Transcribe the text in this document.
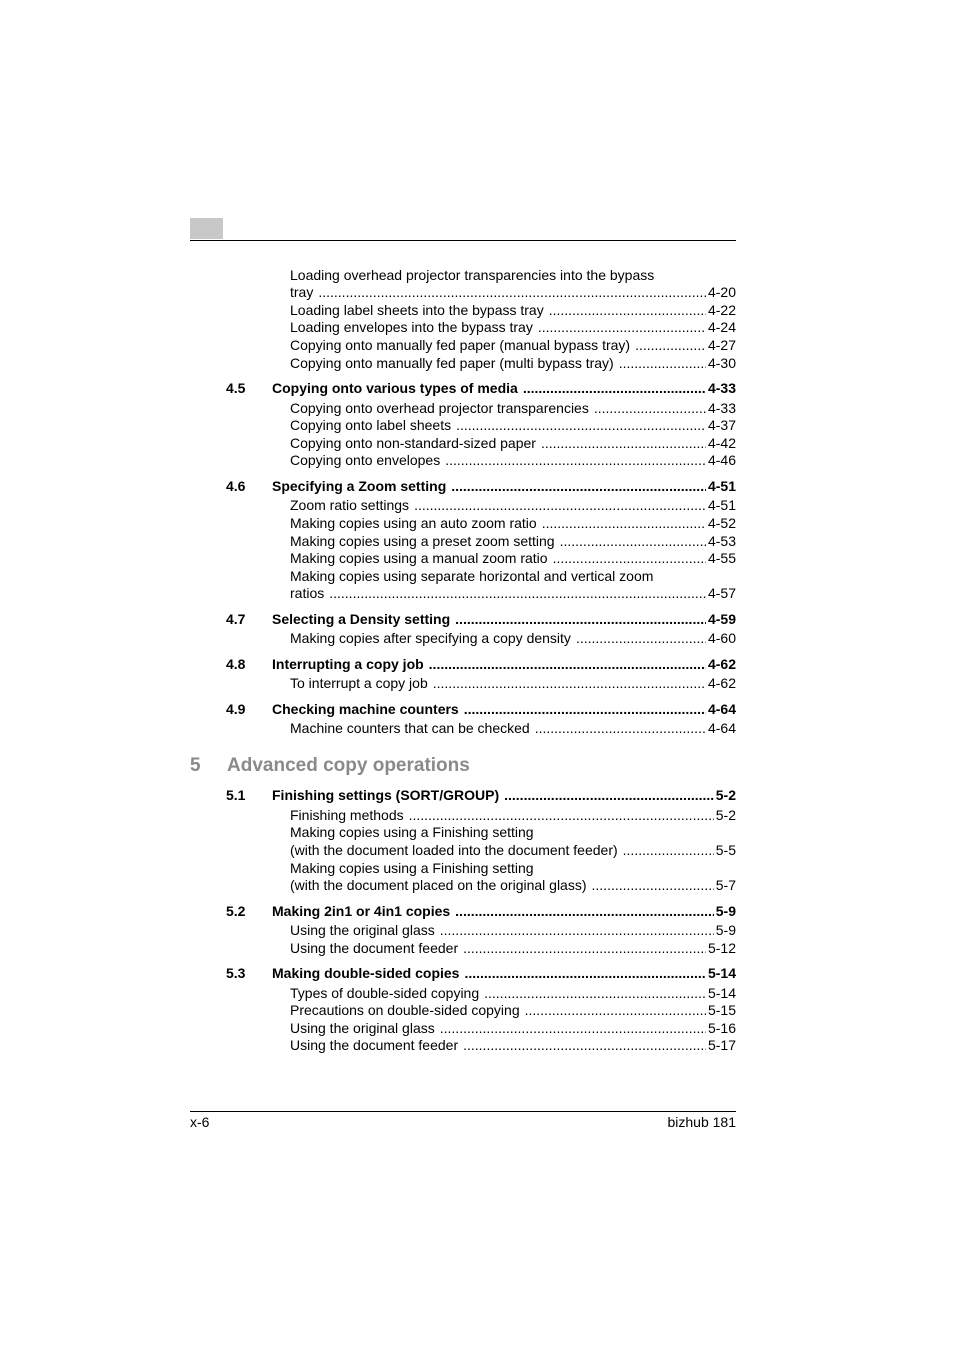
Loading overhead projector transparencies into the bypass
tray .....	4-20
Loading label sheets into the bypass tray .....	4-22
Loading envelopes into the bypass tray .....	4-24
Copying onto manually fed paper (manual bypass tray) .....	4-27
Copying onto manually fed paper (multi bypass tray) .....	4-30
4.5	Copying onto various types of media .....	4-33
Copying onto overhead projector transparencies .....	4-33
Copying onto label sheets .....	4-37
Copying onto non-standard-sized paper .....	4-42
Copying onto envelopes .....	4-46
4.6	Specifying a Zoom setting .....	4-51
Zoom ratio settings .....	4-51
Making copies using an auto zoom ratio .....	4-52
Making copies using a preset zoom setting .....	4-53
Making copies using a manual zoom ratio .....	4-55
Making copies using separate horizontal and vertical zoom
ratios .....	4-57
4.7	Selecting a Density setting .....	4-59
Making copies after specifying a copy density .....	4-60
4.8	Interrupting a copy job .....	4-62
To interrupt a copy job .....	4-62
4.9	Checking machine counters .....	4-64
Machine counters that can be checked .....	4-64
5 Advanced copy operations
5.1	Finishing settings (SORT/GROUP) .....	5-2
Finishing methods .....	5-2
Making copies using a Finishing setting
(with the document loaded into the document feeder) .....	5-5
Making copies using a Finishing setting
(with the document placed on the original glass) .....	5-7
5.2	Making 2in1 or 4in1 copies .....	5-9
Using the original glass .....	5-9
Using the document feeder .....	5-12
5.3	Making double-sided copies .....	5-14
Types of double-sided copying .....	5-14
Precautions on double-sided copying .....	5-15
Using the original glass .....	5-16
Using the document feeder .....	5-17
x-6	bizhub 181
